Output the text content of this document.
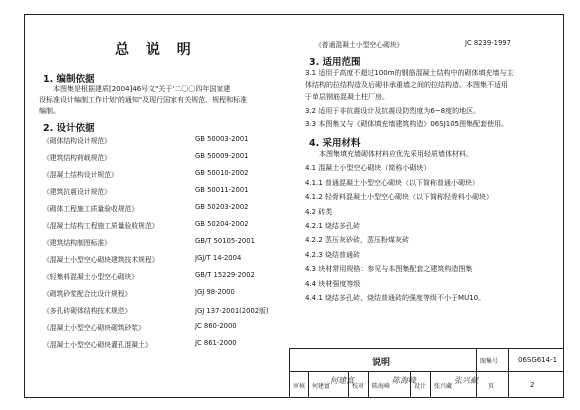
总 说 明
1. 编制依据
本图集是根据建质[2004]46号文"关于'二〇〇四年国家建
设标准设计编制工作计划'的通知"及现行国家有关规范、规程和标准
编制。
2. 设计依据
《砌体结构设计规范》	GB 50003-2001
《建筑结构荷载规范》	GB 50009-2001
《混凝土结构设计规范》	GB 50010-2002
《建筑抗震设计规范》	GB 50011-2001
《砌体工程施工质量验收规范》	GB 50203-2002
《混凝土结构工程施工质量验收规范》	GB 50204-2002
《建筑结构制图标准》	GB/T 50105-2001
《混凝土小型空心砌块建筑技术规程》	JGJ/T 14-2004
《轻集料混凝土小型空心砌块》	GB/T 15229-2002
《砌筑砂浆配合比设计规程》	JGJ 98-2000
《多孔砖砌体结构技术规范》	JGJ 137-2001(2002版)
《混凝土小型空心砌块砌筑砂浆》	JC 860-2000
《混凝土小型空心砌块灌孔混凝土》	JC 861-2000
《普通混凝土小型空心砌块》	JC 8239-1997
3. 适用范围
3.1 适用于高度不超过100m的钢筋混凝土结构中的砌体填充墙与主
体结构的拉结构造及后砌非承重墙之间的拉结构造。本图集不适用
于单层钢筋混凝土柱厂房。
3.2 适用于非抗震设计及抗震设防烈度为6~8度的地区。
3.3 本图集又与《砌体填充墙建筑构造》06SJ105图集配套使用。
4. 采用材料
本图集填充墙砌体材料应优先采用轻质墙体材料。
4.1 混凝土小型空心砌块（简称小砌块）
4.1.1 普通混凝土小型空心砌块（以下简称普通小砌块）
4.1.2 轻骨料混凝土小型空心砌块（以下简称轻骨料小砌块）
4.2 砖类
4.2.1 烧结多孔砖
4.2.2 蒸压灰砂砖，蒸压粉煤灰砖
4.2.3 烧结普通砖
4.3 块材常用规格：参见与本图集配套之建筑构造图集
4.4 块材强度等级
4.4.1 烧结多孔砖、烧结普通砖的强度等级不小于MU10。
说明	图集号	06SG614-1
审核 何建富
何建富
校对 陈海峰
陈海峰
设计 张兴藏
张兴藏
页	2
